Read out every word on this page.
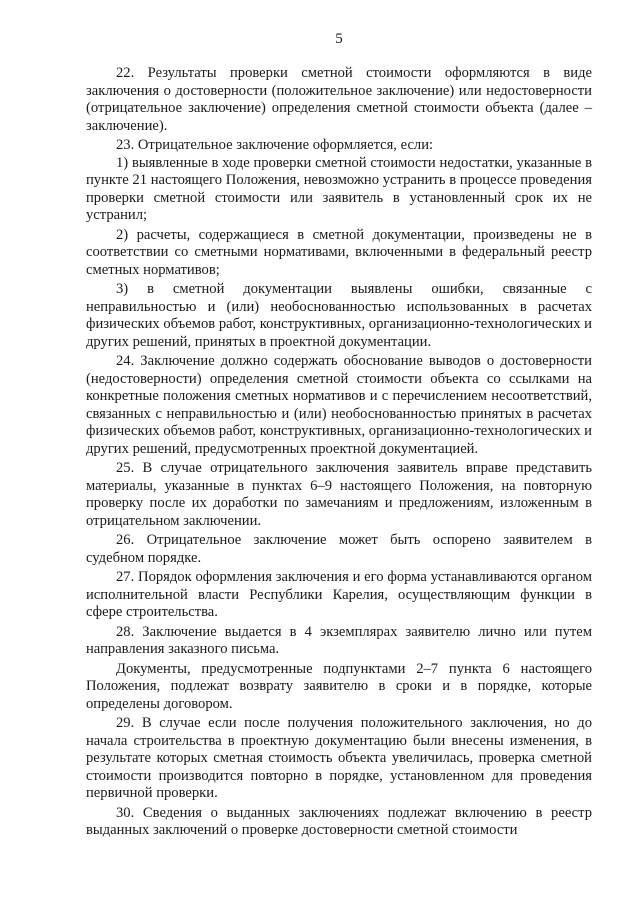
5

22. Результаты проверки сметной стоимости оформляются в виде заключения о достоверности (положительное заключение) или недостоверности (отрицательное заключение) определения сметной стоимости объекта (далее – заключение).

23. Отрицательное заключение оформляется, если:

1) выявленные в ходе проверки сметной стоимости недостатки, указанные в пункте 21 настоящего Положения, невозможно устранить в процессе проведения проверки сметной стоимости или заявитель в установленный срок их не устранил;

2) расчеты, содержащиеся в сметной документации, произведены не в соответствии со сметными нормативами, включенными в федеральный реестр сметных нормативов;

3) в сметной документации выявлены ошибки, связанные с неправильностью и (или) необоснованностью использованных в расчетах физических объемов работ, конструктивных, организационно-технологических и других решений, принятых в проектной документации.

24. Заключение должно содержать обоснование выводов о достоверности (недостоверности) определения сметной стоимости объекта со ссылками на конкретные положения сметных нормативов и с перечислением несоответствий, связанных с неправильностью и (или) необоснованностью принятых в расчетах физических объемов работ, конструктивных, организационно-технологических и других решений, предусмотренных проектной документацией.

25. В случае отрицательного заключения заявитель вправе представить материалы, указанные в пунктах 6–9 настоящего Положения, на повторную проверку после их доработки по замечаниям и предложениям, изложенным в отрицательном заключении.

26. Отрицательное заключение может быть оспорено заявителем в судебном порядке.

27. Порядок оформления заключения и его форма устанавливаются органом исполнительной власти Республики Карелия, осуществляющим функции в сфере строительства.

28. Заключение выдается в 4 экземплярах заявителю лично или путем направления заказного письма.

Документы, предусмотренные подпунктами 2–7 пункта 6 настоящего Положения, подлежат возврату заявителю в сроки и в порядке, которые определены договором.

29. В случае если после получения положительного заключения, но до начала строительства в проектную документацию были внесены изменения, в результате которых сметная стоимость объекта увеличилась, проверка сметной стоимости производится повторно в порядке, установленном для проведения первичной проверки.

30. Сведения о выданных заключениях подлежат включению в реестр выданных заключений о проверке достоверности сметной стоимости
